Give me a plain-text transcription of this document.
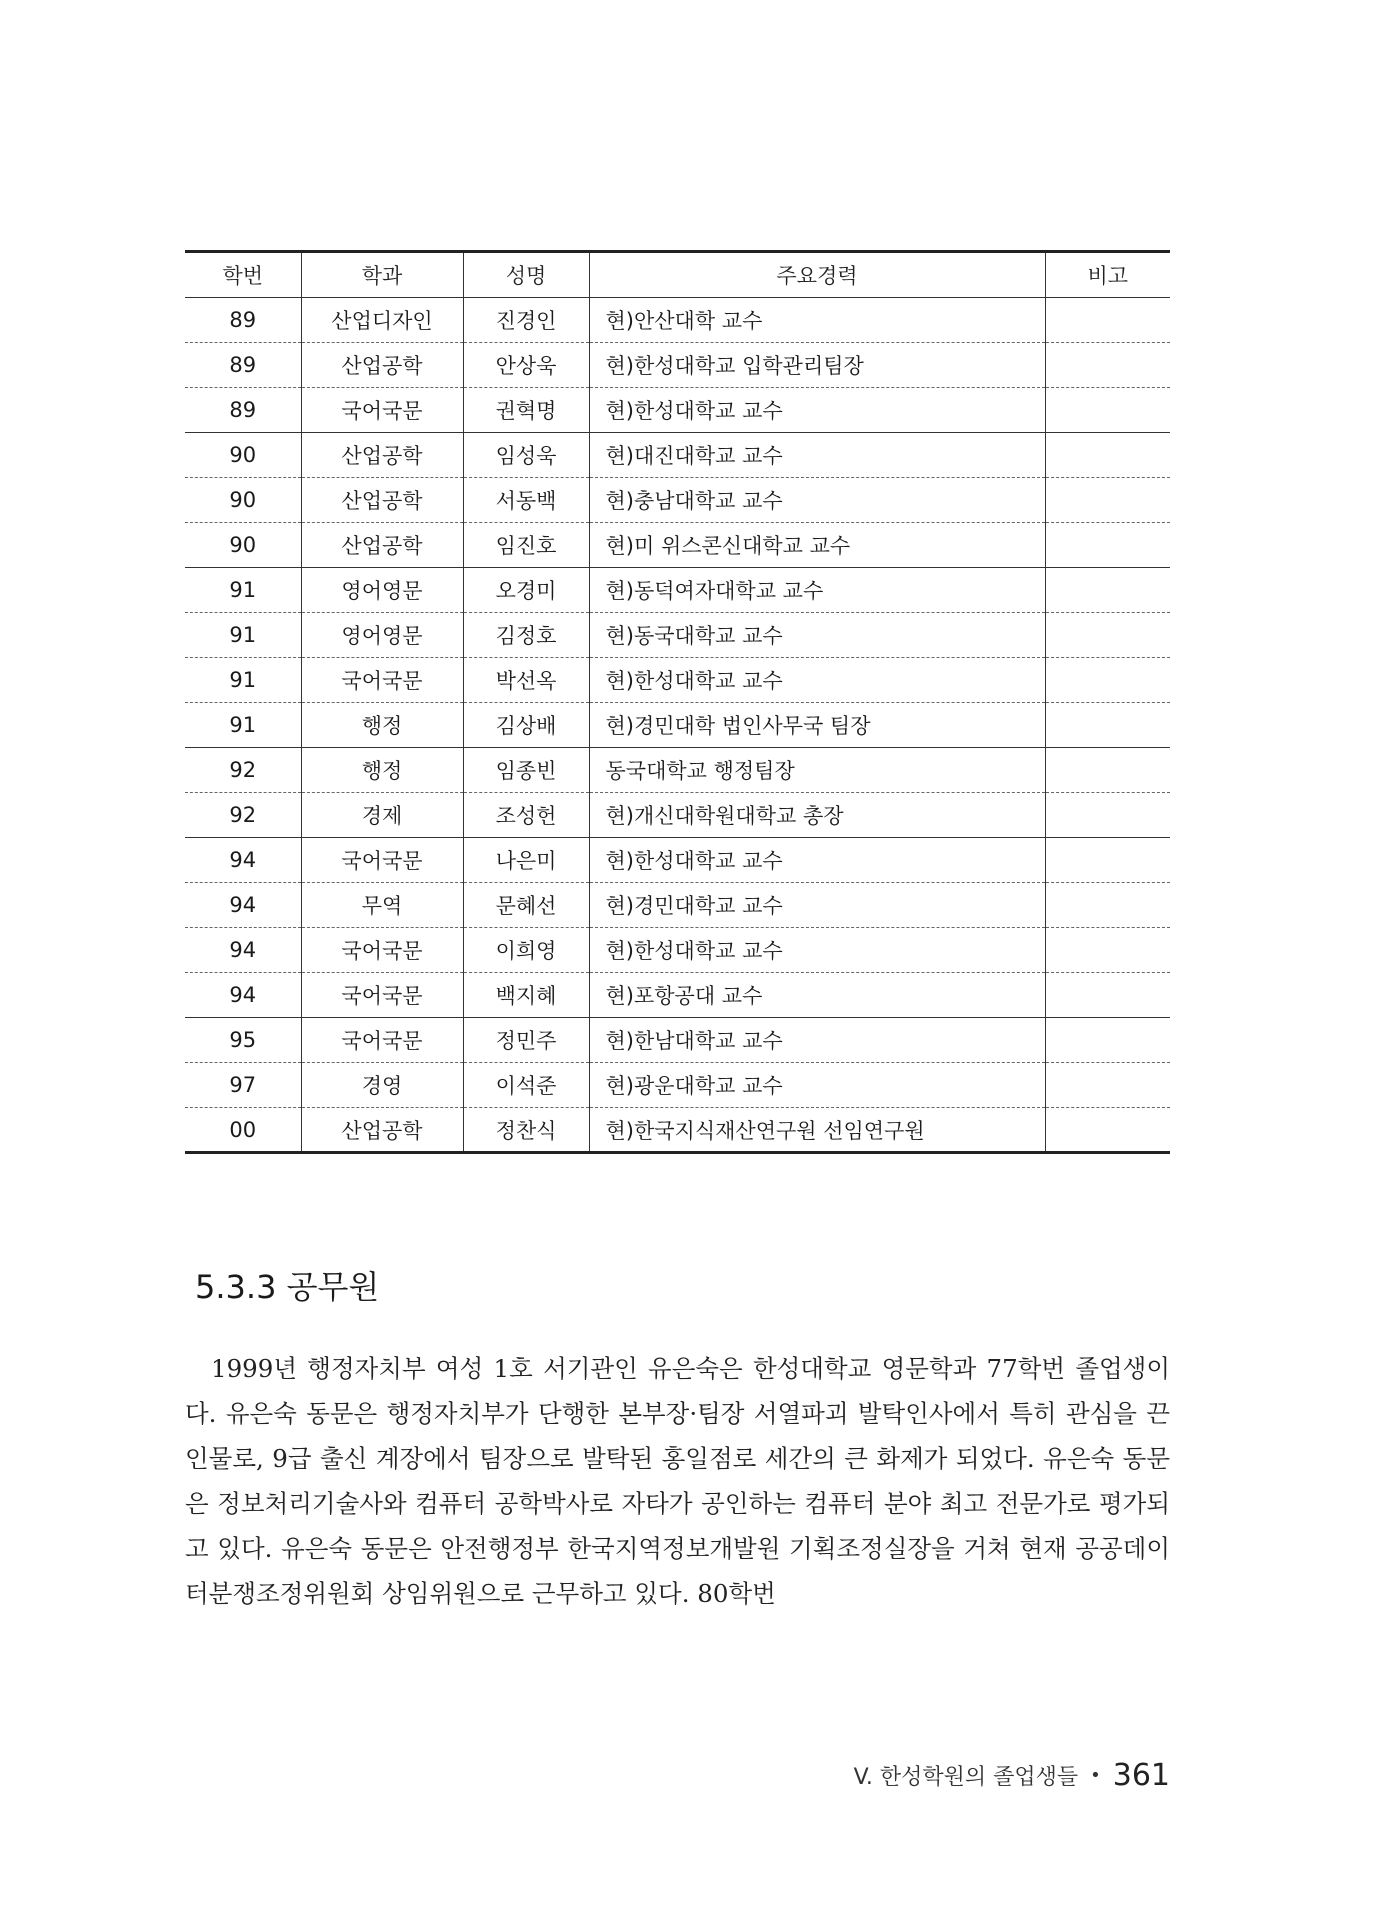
학번	학과	성명	주요경력	비고
89	산업디자인	진경인	현)안산대학 교수	
89	산업공학	안상욱	현)한성대학교 입학관리팀장	
89	국어국문	권혁명	현)한성대학교 교수	
90	산업공학	임성욱	현)대진대학교 교수	
90	산업공학	서동백	현)충남대학교 교수	
90	산업공학	임진호	현)미 위스콘신대학교 교수	
91	영어영문	오경미	현)동덕여자대학교 교수	
91	영어영문	김정호	현)동국대학교 교수	
91	국어국문	박선옥	현)한성대학교 교수	
91	행정	김상배	현)경민대학 법인사무국 팀장	
92	행정	임종빈	동국대학교 행정팀장	
92	경제	조성헌	현)개신대학원대학교 총장	
94	국어국문	나은미	현)한성대학교 교수	
94	무역	문혜선	현)경민대학교 교수	
94	국어국문	이희영	현)한성대학교 교수	
94	국어국문	백지혜	현)포항공대 교수	
95	국어국문	정민주	현)한남대학교 교수	
97	경영	이석준	현)광운대학교 교수	
00	산업공학	정찬식	현)한국지식재산연구원 선임연구원	
5.3.3 공무원

1999년 행정자치부 여성 1호 서기관인 유은숙은 한성대학교 영문학과 77학번 졸업생이다. 유은숙 동문은 행정자치부가 단행한 본부장·팀장 서열파괴 발탁인사에서 특히 관심을 끈 인물로, 9급 출신 계장에서 팀장으로 발탁된 홍일점로 세간의 큰 화제가 되었다. 유은숙 동문은 정보처리기술사와 컴퓨터 공학박사로 자타가 공인하는 컴퓨터 분야 최고 전문가로 평가되고 있다. 유은숙 동문은 안전행정부 한국지역정보개발원 기획조정실장을 거쳐 현재 공공데이터분쟁조정위원회 상임위원으로 근무하고 있다. 80학번

V. 한성학원의 졸업생들 • 361
